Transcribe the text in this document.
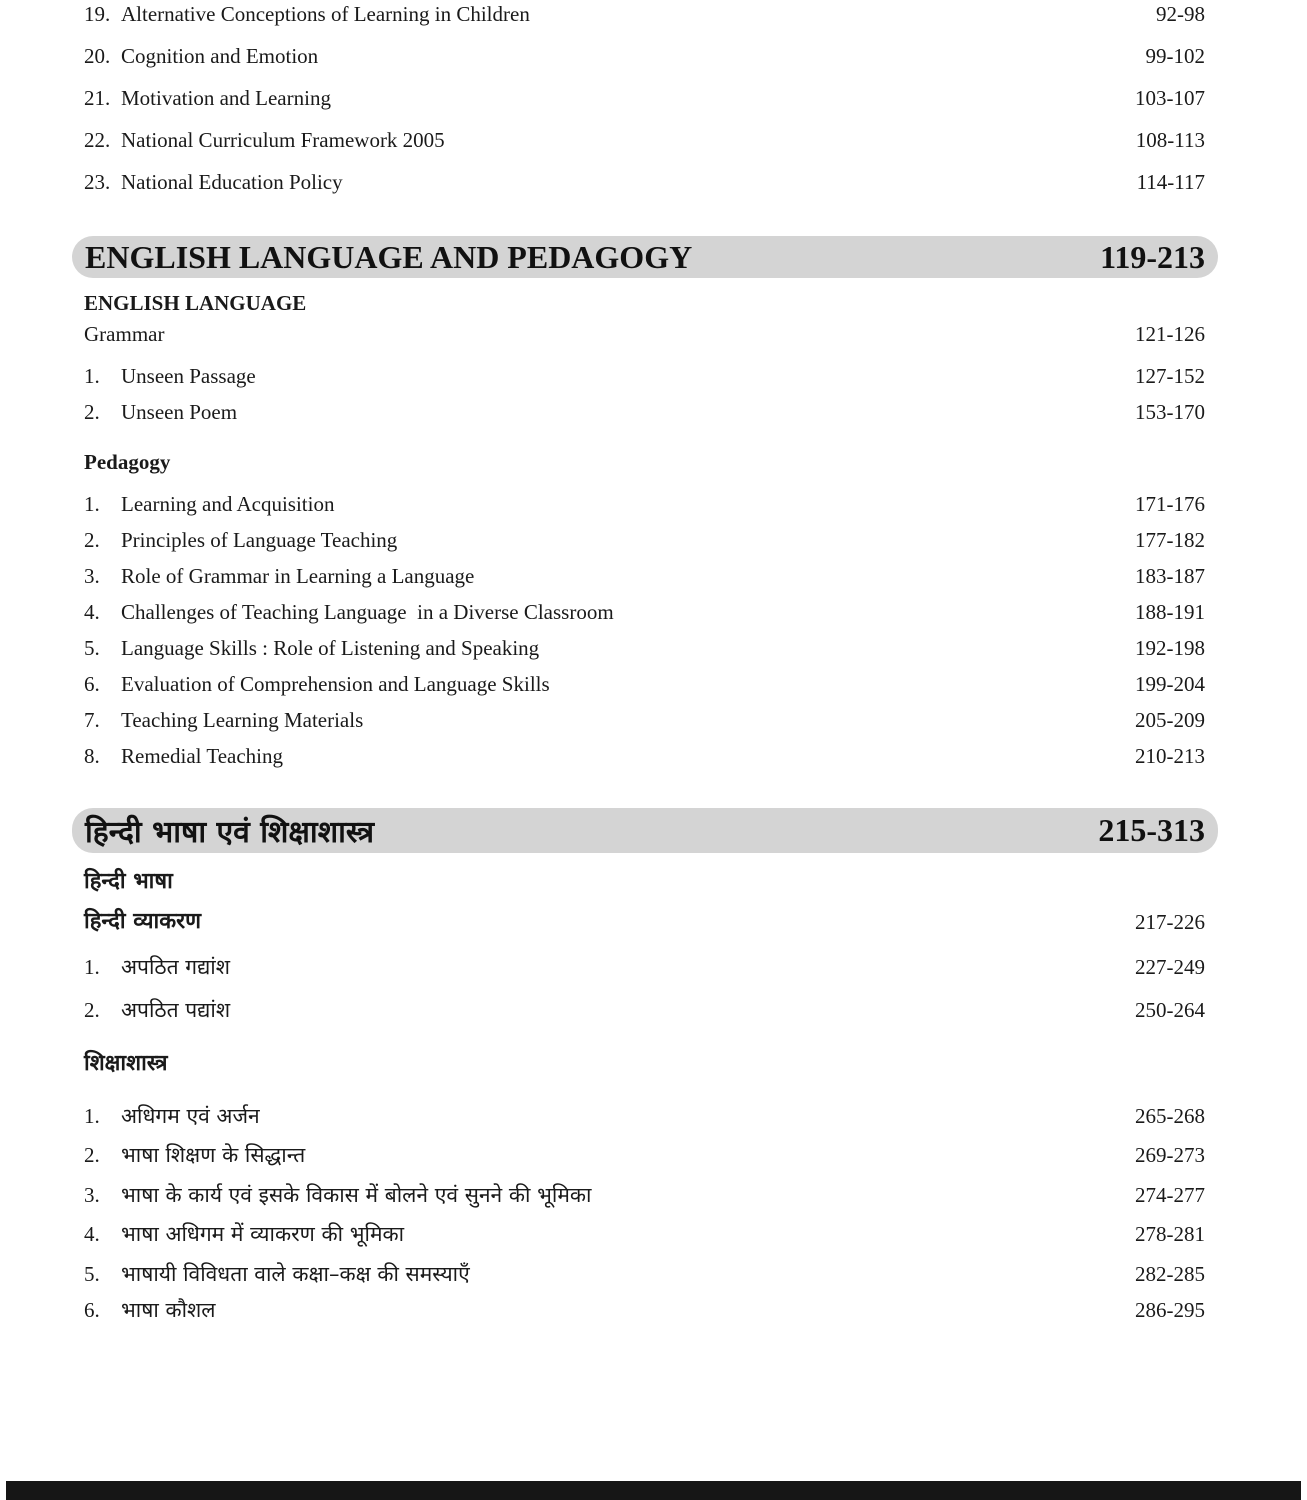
19. Alternative Conceptions of Learning in Children	92-98
20. Cognition and Emotion	99-102
21. Motivation and Learning	103-107
22. National Curriculum Framework 2005	108-113
23. National Education Policy	114-117
ENGLISH LANGUAGE AND PEDAGOGY	119-213
ENGLISH LANGUAGE
Grammar	121-126
1.	Unseen Passage	127-152
2.	Unseen Poem	153-170
Pedagogy
1.	Learning and Acquisition	171-176
2.	Principles of Language Teaching	177-182
3.	Role of Grammar in Learning a Language	183-187
4.	Challenges of Teaching Language  in a Diverse Classroom	188-191
5.	Language Skills : Role of Listening and Speaking	192-198
6.	Evaluation of Comprehension and Language Skills	199-204
7.	Teaching Learning Materials	205-209
8.	Remedial Teaching	210-213
हिन्दी भाषा एवं शिक्षाशास्त्र	215-313
हिन्दी भाषा
हिन्दी व्याकरण	217-226
1.	अपठित गद्यांश	227-249
2.	अपठित पद्यांश	250-264
शिक्षाशास्त्र
1.	अधिगम एवं अर्जन	265-268
2.	भाषा शिक्षण के सिद्धान्त	269-273
3.	भाषा के कार्य एवं इसके विकास में बोलने एवं सुनने की भूमिका	274-277
4.	भाषा अधिगम में व्याकरण की भूमिका	278-281
5.	भाषायी विविधता वाले कक्षा–कक्ष की समस्याएँ	282-285
6.	भाषा कौशल	286-295
